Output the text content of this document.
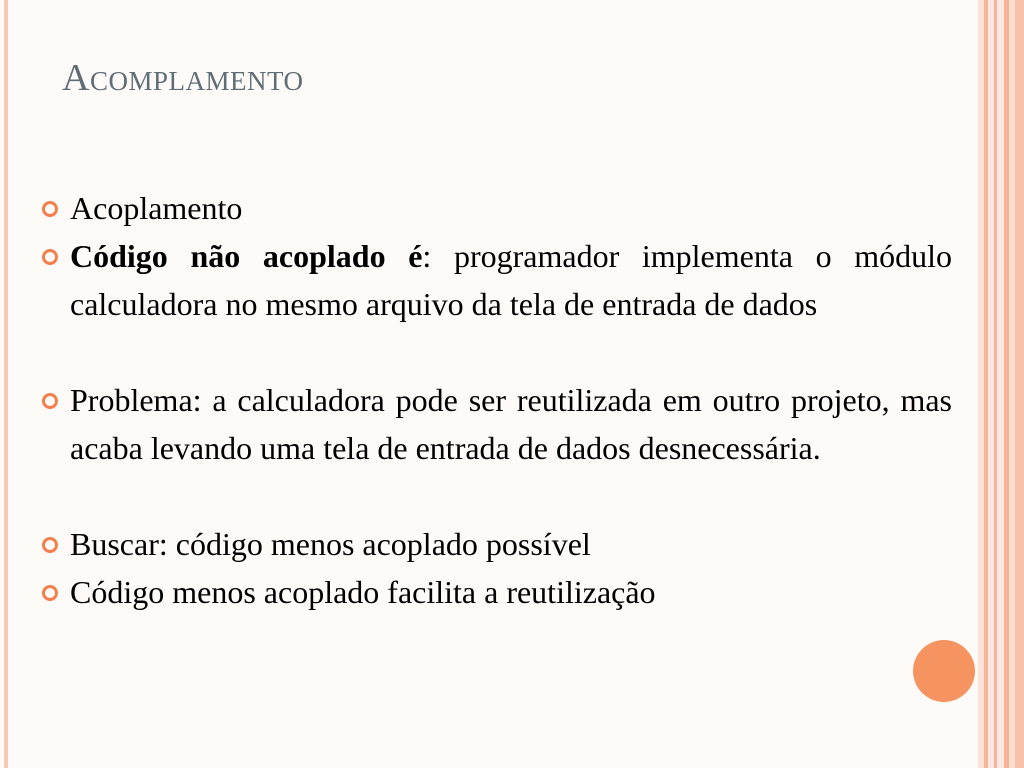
Acomplamento
Acoplamento
Código não acoplado é: programador implementa o módulo calculadora no mesmo arquivo da tela de entrada de dados
Problema: a calculadora pode ser reutilizada em outro projeto, mas acaba levando uma tela de entrada de dados desnecessária.
Buscar: código menos acoplado possível
Código menos acoplado facilita a reutilização
